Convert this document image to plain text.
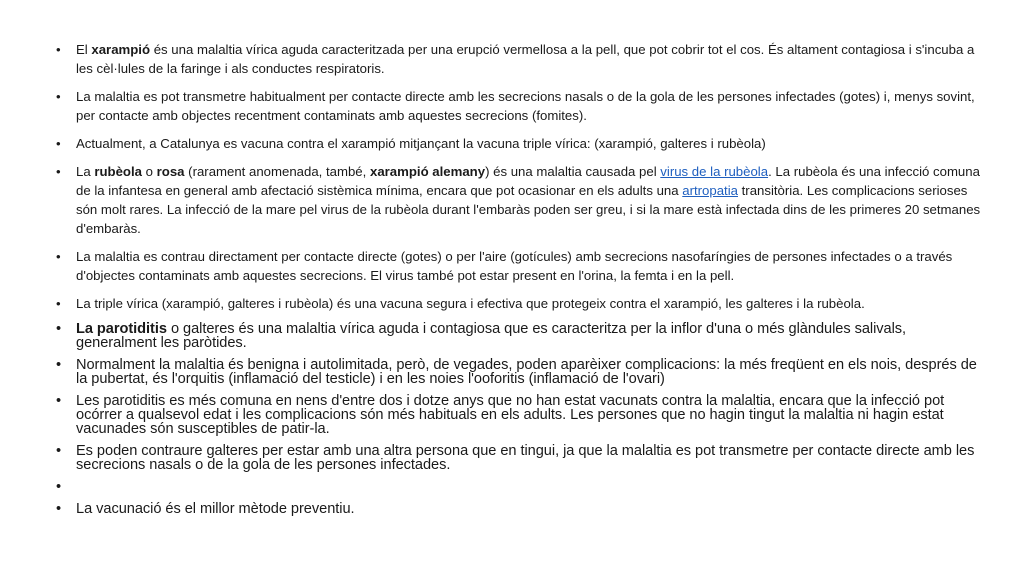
• El xarampió és una malaltia vírica aguda caracteritzada per una erupció vermellosa a la pell, que pot cobrir tot el cos. És altament contagiosa i s'incuba a les cèl·lules de la faringe i als conductes respiratoris.
• La malaltia es pot transmetre habitualment per contacte directe amb les secrecions nasals o de la gola de les persones infectades (gotes) i, menys sovint, per contacte amb objectes recentment contaminats amb aquestes secrecions (fomites).
• Actualment, a Catalunya es vacuna contra el xarampió mitjançant la vacuna triple vírica: (xarampió, galteres i rubèola)
• La rubèola o rosa (rarament anomenada, també, xarampió alemany) és una malaltia causada pel virus de la rubèola. La rubèola és una infecció comuna de la infantesa en general amb afectació sistèmica mínima, encara que pot ocasionar en els adults una artropatia transitòria. Les complicacions serioses són molt rares. La infecció de la mare pel virus de la rubèola durant l'embaràs poden ser greu, i si la mare està infectada dins de les primeres 20 setmanes d'embaràs.
• La malaltia es contrau directament per contacte directe (gotes) o per l'aire (gotícules) amb secrecions nasofaríngies de persones infectades o a través d'objectes contaminats amb aquestes secrecions. El virus també pot estar present en l'orina, la femta i en la pell.
• La triple vírica (xarampió, galteres i rubèola) és una vacuna segura i efectiva que protegeix contra el xarampió, les galteres i la rubèola.
• La parotiditis o galteres és una malaltia vírica aguda i contagiosa que es caracteritza per la inflor d'una o més glàndules salivals, generalment les paròtides.
• Normalment la malaltia és benigna i autolimitada, però, de vegades, poden aparèixer complicacions: la més freqüent en els nois, després de la pubertat, és l'orquitis (inflamació del testicle) i en les noies l'ooforitis (inflamació de l'ovari)
• Les parotiditis es més comuna en nens d'entre dos i dotze anys que no han estat vacunats contra la malaltia, encara que la infecció pot ocórrer a qualsevol edat i les complicacions són més habituals en els adults. Les persones que no hagin tingut la malaltia ni hagin estat vacunades són susceptibles de patir-la.
• Es poden contraure galteres per estar amb una altra persona que en tingui, ja que la malaltia es pot transmetre per contacte directe amb les secrecions nasals o de la gola de les persones infectades.
•

• La vacunació és el millor mètode preventiu.
